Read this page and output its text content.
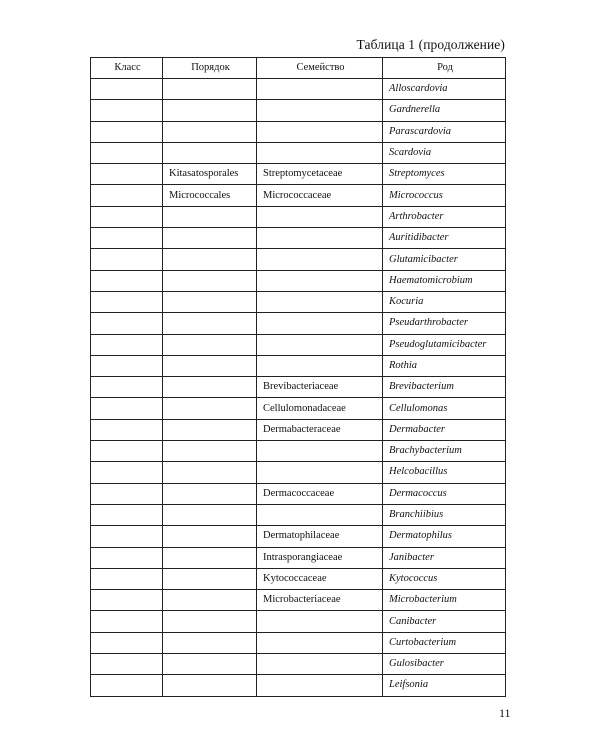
Таблица 1 (продолжение)
Класс	Порядок	Семейство	Род
			Alloscardovia
			Gardnerella
			Parascardovia
			Scardovia
	Kitasatosporales	Streptomycetaceae	Streptomyces
	Micrococcales	Micrococcaceae	Micrococcus
			Arthrobacter
			Auritidibacter
			Glutamicibacter
			Haematomicrobium
			Kocuria
			Pseudarthrobacter
			Pseudoglutamicibacter
			Rothia
		Brevibacteriaceae	Brevibacterium
		Cellulomonadaceae	Cellulomonas
		Dermabacteraceae	Dermabacter
			Brachybacterium
			Helcobacillus
		Dermacoccaceae	Dermacoccus
			Branchiibius
		Dermatophilaceae	Dermatophilus
		Intrasporangiaceae	Janibacter
		Kytococcaceae	Kytococcus
		Microbacteriaceae	Microbacterium
			Canibacter
			Curtobacterium
			Gulosibacter
			Leifsonia
11
